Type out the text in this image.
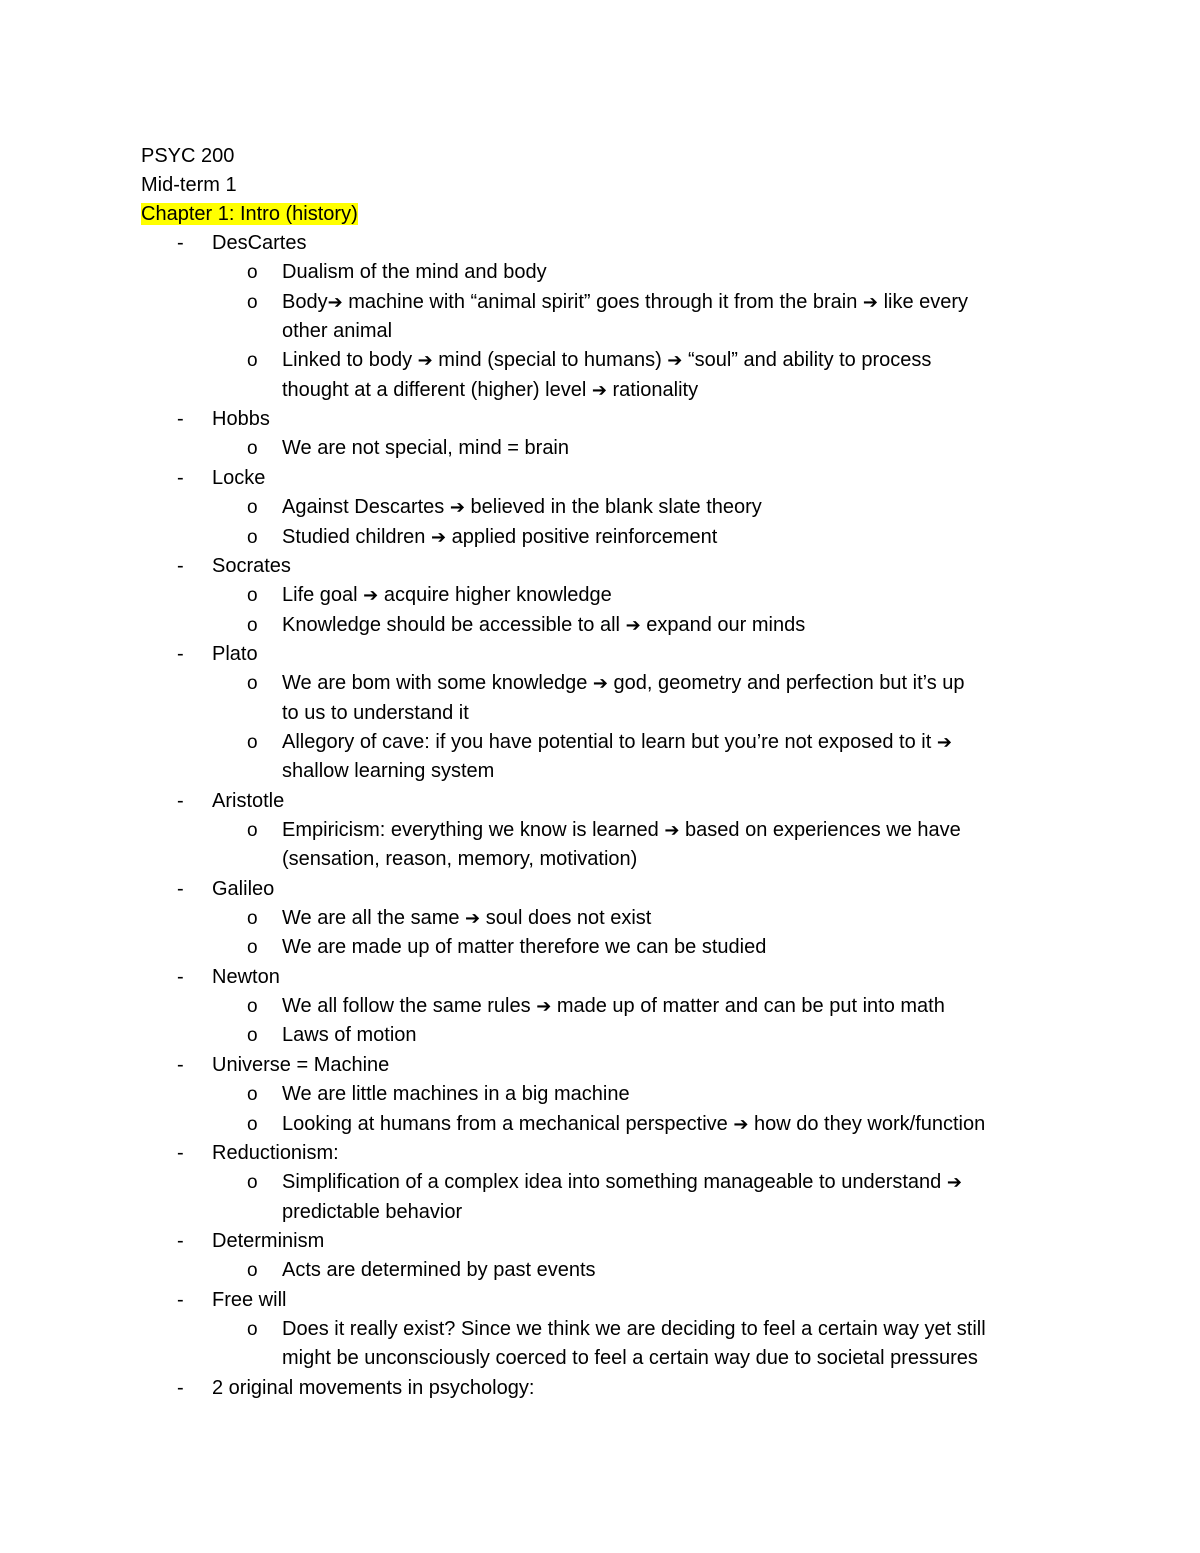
PSYC 200
Mid-term 1
Chapter 1: Intro (history)
-	DesCartes
o	Dualism of the mind and body
o	Body➔ machine with “animal spirit” goes through it from the brain ➔ like every
other animal
o	Linked to body ➔ mind (special to humans) ➔ “soul” and ability to process
thought at a different (higher) level ➔ rationality
-	Hobbs
o	We are not special, mind = brain
-	Locke
o	Against Descartes ➔ believed in the blank slate theory
o	Studied children ➔ applied positive reinforcement
-	Socrates
o	Life goal ➔ acquire higher knowledge
o	Knowledge should be accessible to all ➔ expand our minds
-	Plato
o	We are bom with some knowledge ➔ god, geometry and perfection but it’s up
to us to understand it
o	Allegory of cave: if you have potential to learn but you’re not exposed to it ➔
shallow learning system
-	Aristotle
o	Empiricism: everything we know is learned ➔ based on experiences we have
(sensation, reason, memory, motivation)
-	Galileo
o	We are all the same ➔ soul does not exist
o	We are made up of matter therefore we can be studied
-	Newton
o	We all follow the same rules ➔ made up of matter and can be put into math
o	Laws of motion
-	Universe = Machine
o	We are little machines in a big machine
o	Looking at humans from a mechanical perspective ➔ how do they work/function
-	Reductionism:
o	Simplification of a complex idea into something manageable to understand ➔
predictable behavior
-	Determinism
o	Acts are determined by past events
-	Free will
o	Does it really exist? Since we think we are deciding to feel a certain way yet still
might be unconsciously coerced to feel a certain way due to societal pressures
-	2 original movements in psychology:
